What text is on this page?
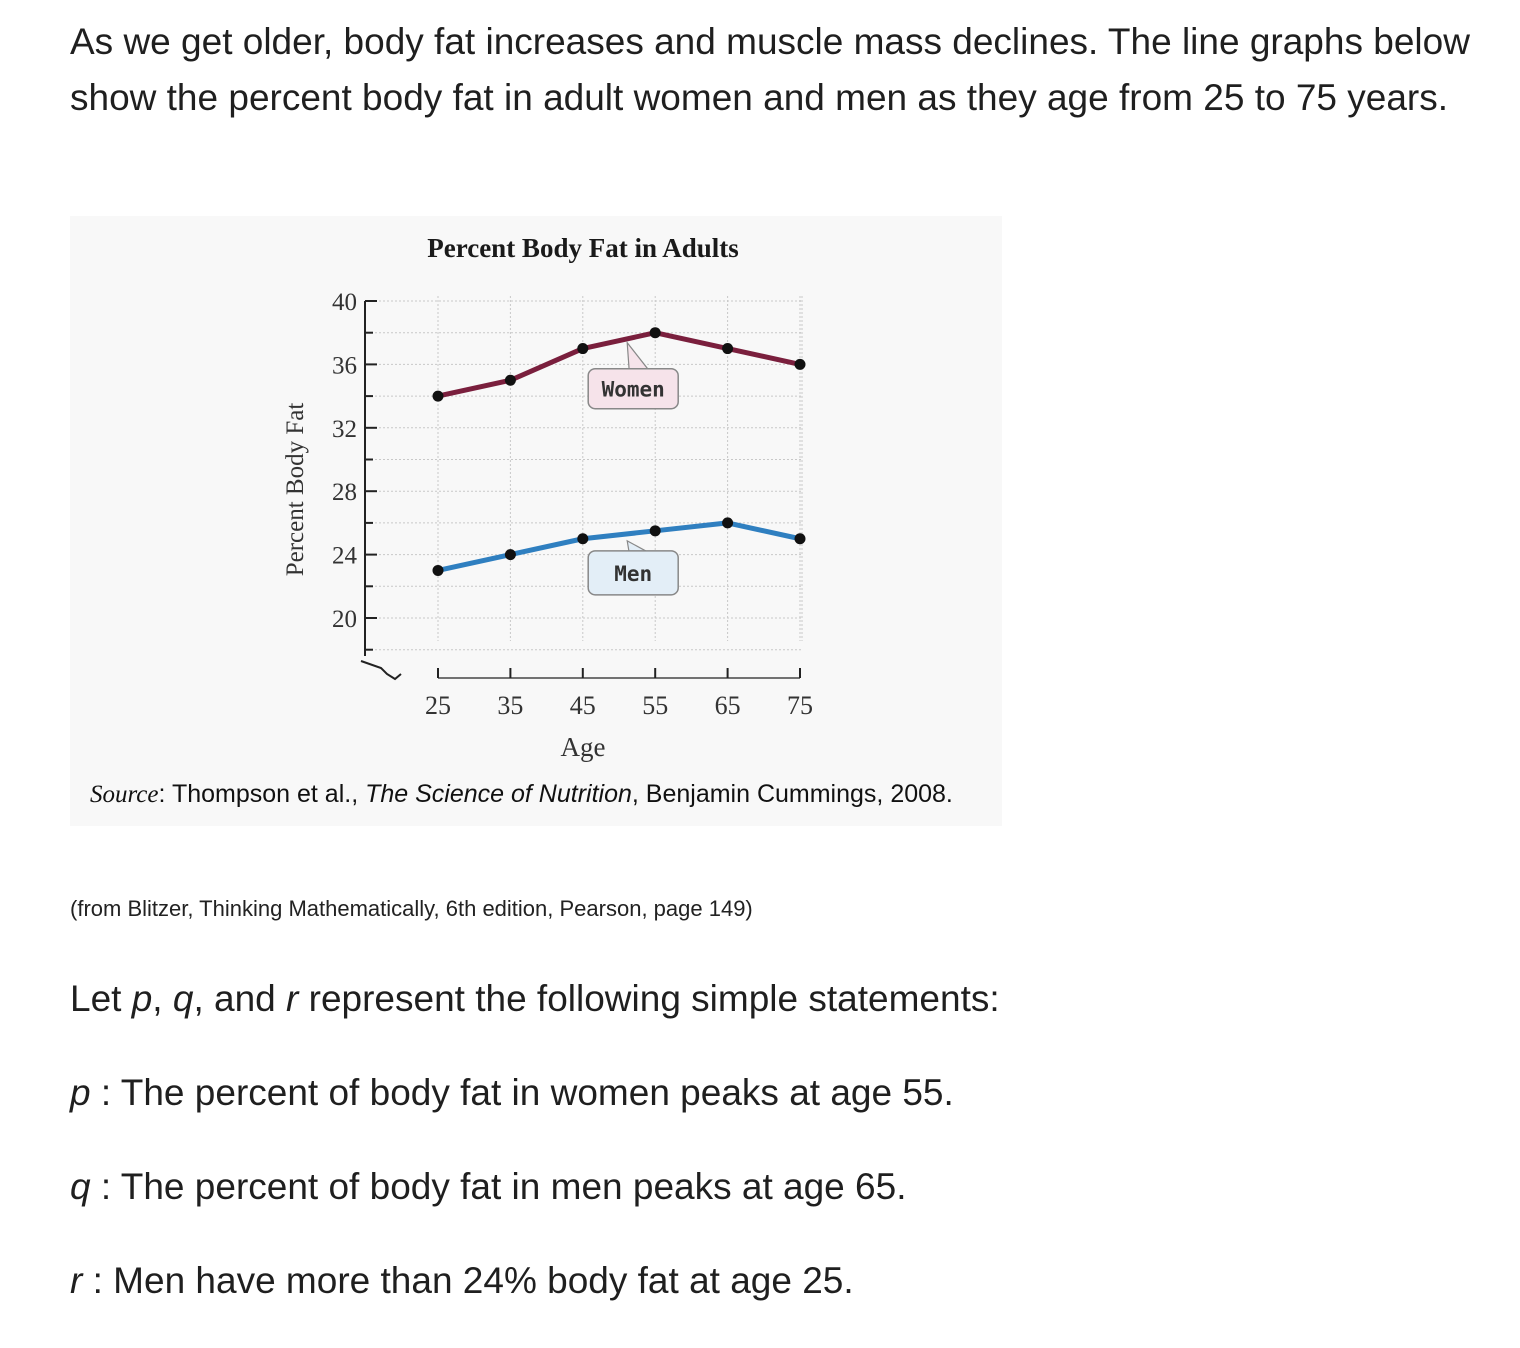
As we get older, body fat increases and muscle mass declines. The line graphs below show the percent body fat in adult women and men as they age from 25 to 75 years.

20
24
28
32
36
40
25 35 45 55 65 75
Percent Body Fat in Adults
Age
Percent Body Fat
Women
Men
Source: Thompson et al., The Science of Nutrition, Benjamin Cummings, 2008.
(from Blitzer, Thinking Mathematically, 6th edition, Pearson, page 149)
Let p, q, and r represent the following simple statements:
p : The percent of body fat in women peaks at age 55.
q : The percent of body fat in men peaks at age 65.
r : Men have more than 24% body fat at age 25.
